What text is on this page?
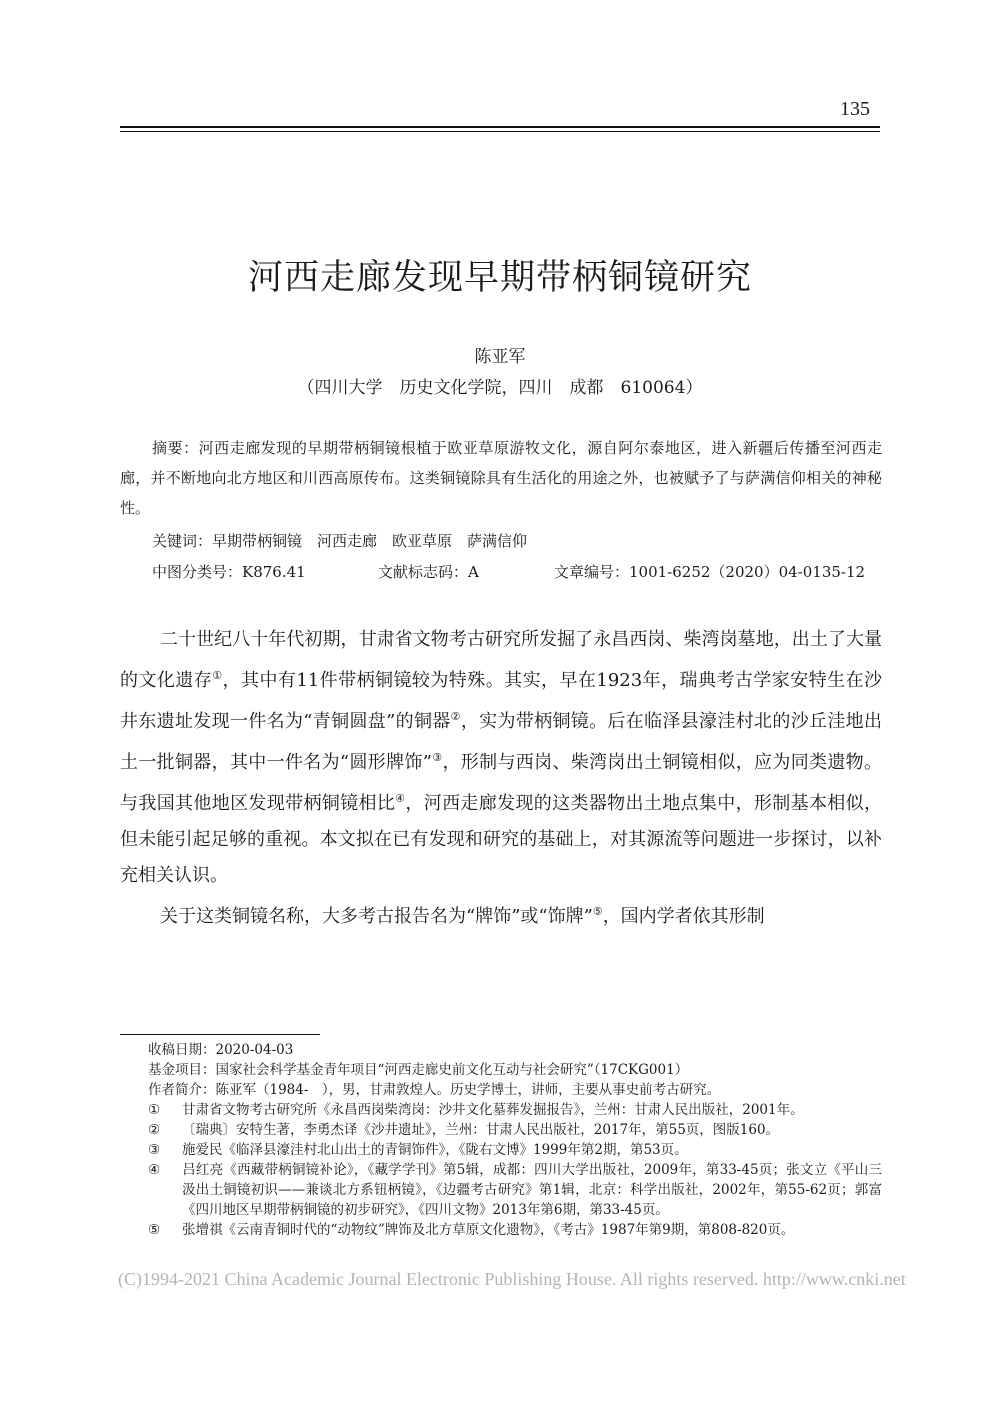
135
河西走廊发现早期带柄铜镜研究
陈亚军
（四川大学　历史文化学院，四川　成都　610064）
摘要：河西走廊发现的早期带柄铜镜根植于欧亚草原游牧文化，源自阿尔泰地区，进入新疆后传播至河西走廊，并不断地向北方地区和川西高原传布。这类铜镜除具有生活化的用途之外，也被赋予了与萨满信仰相关的神秘性。
关键词：早期带柄铜镜　河西走廊　欧亚草原　萨满信仰
中图分类号：K876.41	文献标志码：A	文章编号：1001-6252（2020）04-0135-12

二十世纪八十年代初期，甘肃省文物考古研究所发掘了永昌西岗、柴湾岗墓地，出土了大量的文化遗存①，其中有11件带柄铜镜较为特殊。其实，早在1923年，瑞典考古学家安特生在沙井东遗址发现一件名为“青铜圆盘”的铜器②，实为带柄铜镜。后在临泽县濠洼村北的沙丘洼地出土一批铜器，其中一件名为“圆形牌饰”③，形制与西岗、柴湾岗出土铜镜相似，应为同类遗物。与我国其他地区发现带柄铜镜相比④，河西走廊发现的这类器物出土地点集中，形制基本相似，但未能引起足够的重视。本文拟在已有发现和研究的基础上，对其源流等问题进一步探讨，以补充相关认识。

关于这类铜镜名称，大多考古报告名为“牌饰”或“饰牌”⑤，国内学者依其形制

收稿日期：2020-04-03

基金项目：国家社会科学基金青年项目“河西走廊史前文化互动与社会研究”（17CKG001）

作者简介：陈亚军（1984-　），男，甘肃敦煌人。历史学博士，讲师，主要从事史前考古研究。

① 甘肃省文物考古研究所《永昌西岗柴湾岗：沙井文化墓葬发掘报告》，兰州：甘肃人民出版社，2001年。

② 〔瑞典〕安特生著，李勇杰译《沙井遗址》，兰州：甘肃人民出版社，2017年，第55页，图版160。

③ 施爱民《临泽县濠洼村北山出土的青铜饰件》，《陇右文博》1999年第2期，第53页。

④ 吕红亮《西藏带柄铜镜补论》，《藏学学刊》第5辑，成都：四川大学出版社，2009年，第33-45页；张文立《平山三汲出土铜镜初识——兼谈北方系钮柄镜》，《边疆考古研究》第1辑，北京：科学出版社，2002年，第55-62页；郭富《四川地区早期带柄铜镜的初步研究》，《四川文物》2013年第6期，第33-45页。

⑤ 张增祺《云南青铜时代的“动物纹”牌饰及北方草原文化遗物》，《考古》1987年第9期，第808-820页。

(C)1994-2021 China Academic Journal Electronic Publishing House. All rights reserved. http://www.cnki.net
